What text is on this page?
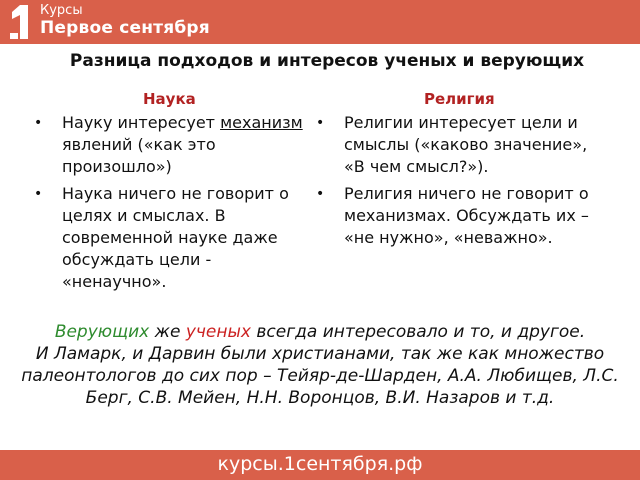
Курсы
Первое сентября
Разница подходов и интересов ученых и верующих
Наука	Религия
• Науку интересует механизм явлений («как это произошло»)
• Наука ничего не говорит о целях и смыслах. В современной науке даже обсуждать цели - «ненаучно».
• Религии интересует цели и смыслы («каково значение», «В чем смысл?»).
• Религия ничего не говорит о механизмах. Обсуждать их – «не нужно», «неважно».
Верующих же ученых всегда интересовало и то, и другое.
И Ламарк, и Дарвин были христианами, так же как множество палеонтологов до сих пор – Тейяр-де-Шарден, А.А. Любищев, Л.С. Берг, С.В. Мейен, Н.Н. Воронцов, В.И. Назаров и т.д.
курсы.1сентября.рф
